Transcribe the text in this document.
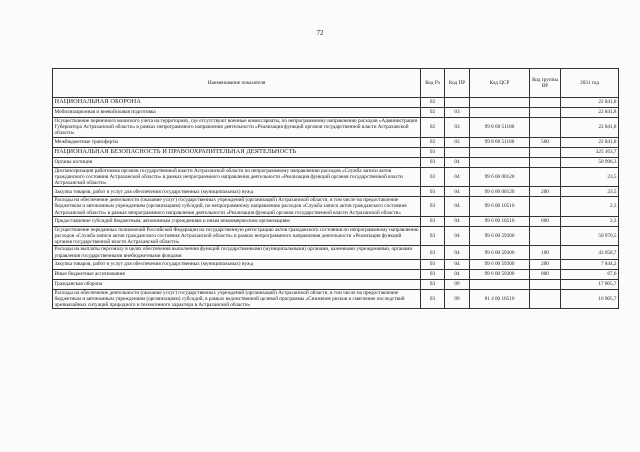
72
Наименование показателя	Код Рз	Код ПР	Код ЦСР	Код группы ВР	2031 год
НАЦИОНАЛЬНАЯ ОБОРОНА	02				22 841,8
Мобилизационная и вневойсковая подготовка	02	03			22 841,8
Осуществление первичного воинского учета на территориях, где отсутствуют военные комиссариаты, по непрограммному направлению расходов «Администрация Губернатора Астраханской области» в рамках непрограммного направления деятельности «Реализация функций органов государственной власти Астраханской области»	02	03	99 8 00 51180		22 841,8
Межбюджетные трансферты	02	03	99 8 00 51180	500	22 841,8
НАЦИОНАЛЬНАЯ БЕЗОПАСНОСТЬ И ПРАВООХРАНИТЕЛЬНАЯ ДЕЯТЕЛЬНОСТЬ	03				325 163,7
Органы юстиции	03	04			50 996,3
Диспансеризация работников органов государственной власти Астраханской области по непрограммному направлению расходов «Служба записи актов гражданского состояния Астраханской области» в рамках непрограммного направления деятельности «Реализация функций органов государственной власти Астраханской области»	03	04	99 6 00 00120		23,5
Закупка товаров, работ и услуг для обеспечения государственных (муниципальных) нужд	03	04	99 6 00 00120	200	23,5
Расходы на обеспечение деятельности (оказание услуг) государственных учреждений (организаций) Астраханской области, в том числе на предоставление бюджетным и автономным учреждениям (организациям) субсидий, по непрограммному направлению расходов «Служба записи актов гражданского состояния Астраханской области» в рамках непрограммного направления деятельности «Реализация функций органов государственной власти Астраханской области»	03	04	99 6 00 10510		2,3
Предоставление субсидий бюджетным, автономным учреждениям и иным некоммерческим организациям	03	04	99 6 00 10510	600	2,3
Осуществление переданных полномочий Российской Федерации на государственную регистрацию актов гражданского состояния по непрограммному направлению расходов «Служба записи актов гражданского состояния Астраханской области» в рамках непрограммного направления деятельности «Реализация функций органов государственной власти Астраханской области»	03	04	99 6 00 59300		50 970,5
Расходы на выплаты персоналу в целях обеспечения выполнения функций государственными (муниципальными) органами, казенными учреждениями, органами управления государственными внебюджетными фондами	03	04	99 6 00 59300	100	43 058,7
Закупка товаров, работ и услуг для обеспечения государственных (муниципальных) нужд	03	04	99 6 00 59300	200	7 844,2
Иные бюджетные ассигнования	03	04	99 6 00 59300	800	67,6
Гражданская оборона	03	09			17 805,7
Расходы на обеспечение деятельности (оказание услуг) государственных учреждений (организаций) Астраханской области, в том числе на предоставление бюджетным и автономным учреждениям (организациям) субсидий, в рамках ведомственной целевой программы «Снижение рисков и смягчение последствий чрезвычайных ситуаций природного и техногенного характера в Астраханской области»	03	09	81 4 00 10510		16 905,7
